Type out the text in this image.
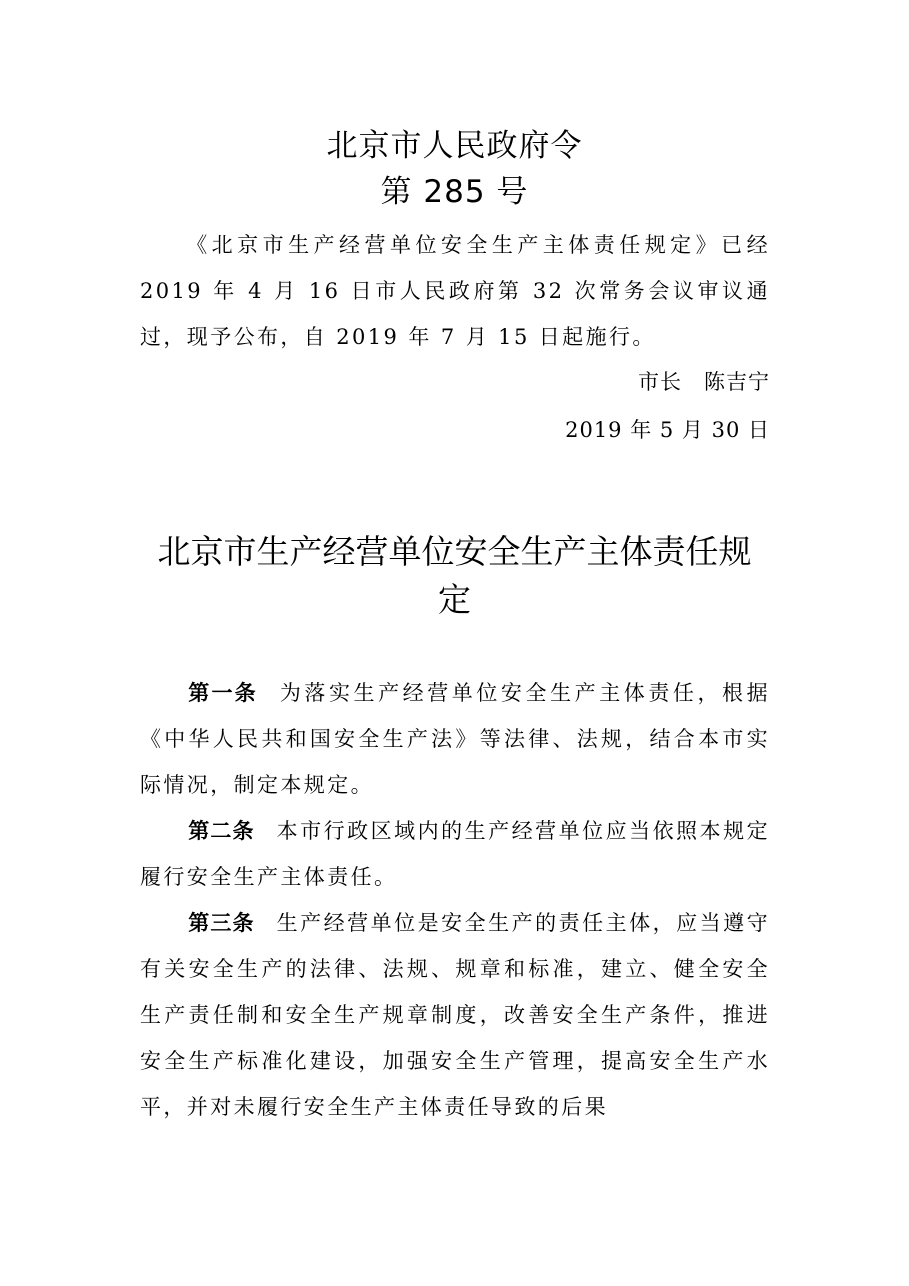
北京市人民政府令
第 285 号

《北京市生产经营单位安全生产主体责任规定》已经 2019 年 4 月 16 日市人民政府第 32 次常务会议审议通过，现予公布，自 2019 年 7 月 15 日起施行。

市长 陈吉宁
2019 年 5 月 30 日
北京市生产经营单位安全生产主体责任规
定

第一条 为落实生产经营单位安全生产主体责任，根据《中华人民共和国安全生产法》等法律、法规，结合本市实际情况，制定本规定。

第二条 本市行政区域内的生产经营单位应当依照本规定履行安全生产主体责任。

第三条 生产经营单位是安全生产的责任主体，应当遵守有关安全生产的法律、法规、规章和标准，建立、健全安全生产责任制和安全生产规章制度，改善安全生产条件，推进安全生产标准化建设，加强安全生产管理，提高安全生产水平，并对未履行安全生产主体责任导致的后果
